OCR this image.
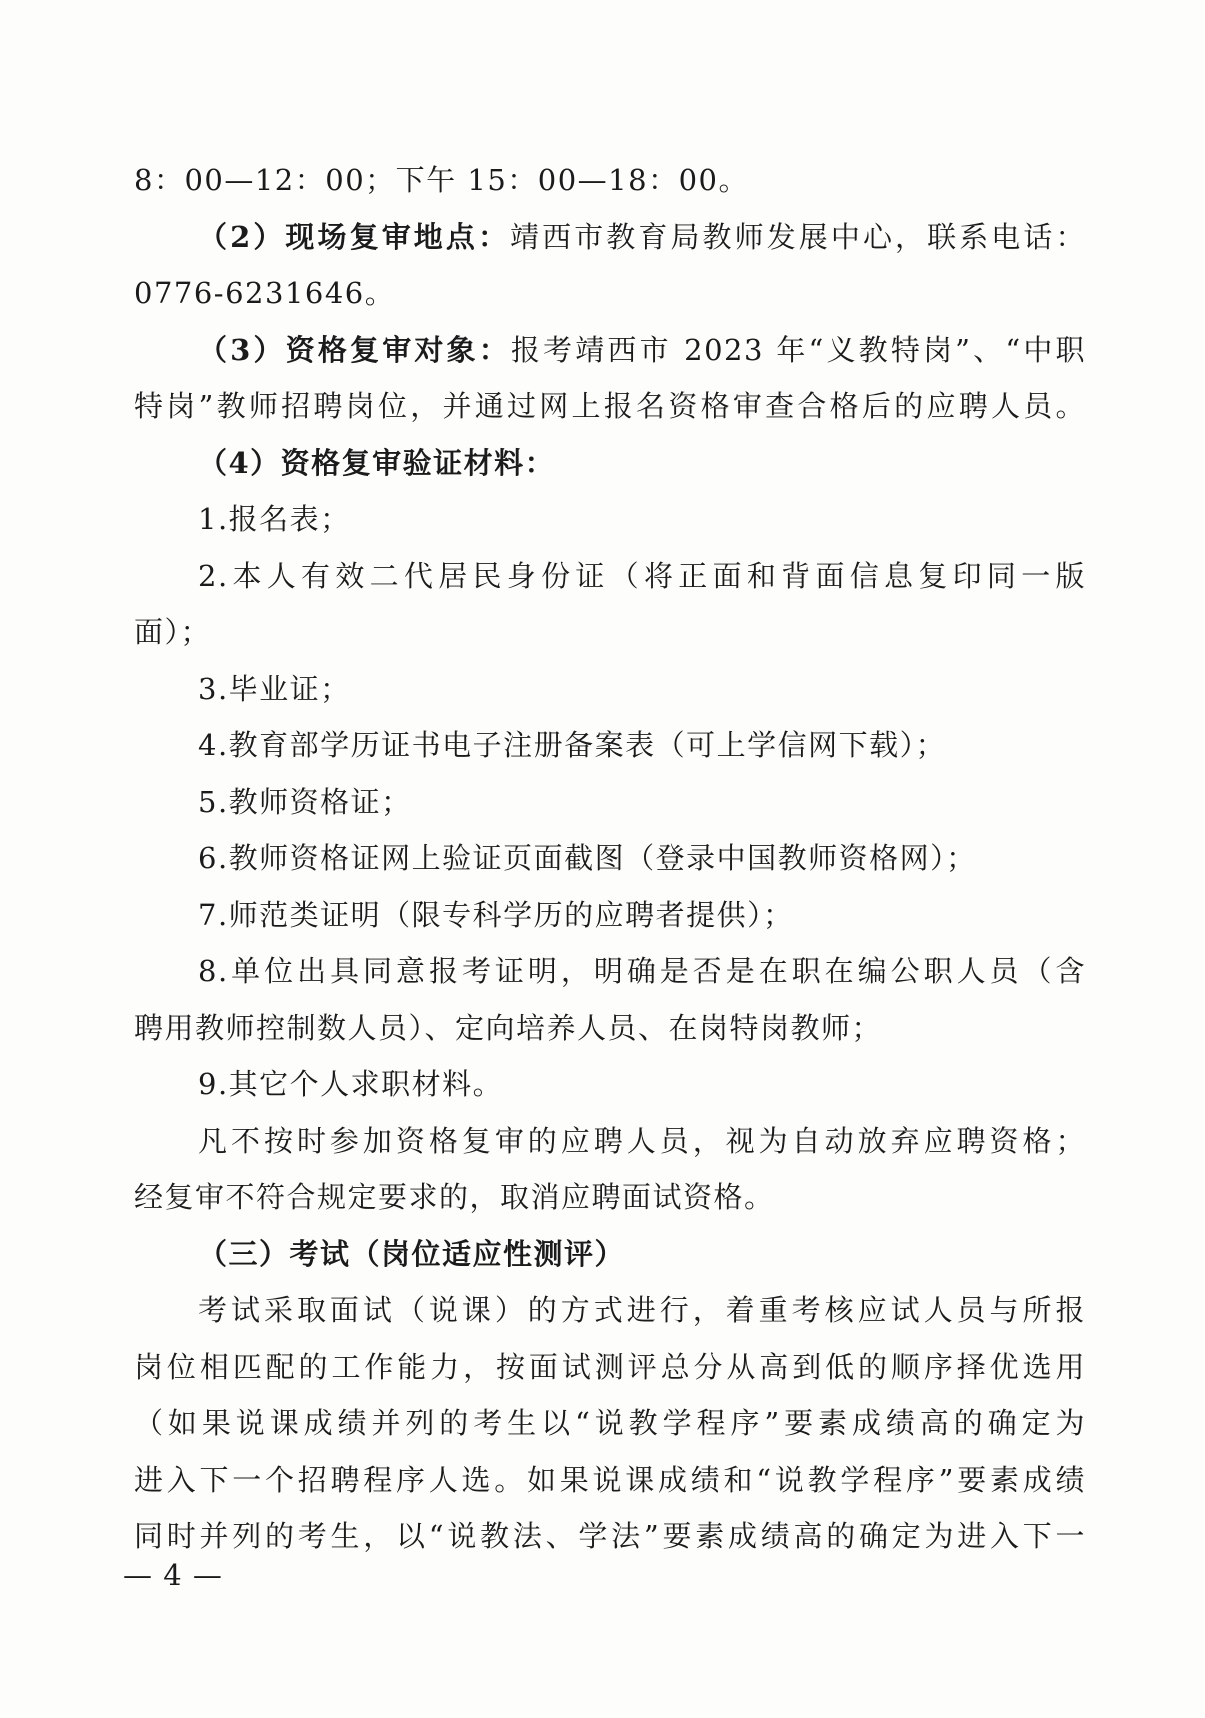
8：00—12：00；下午 15：00—18：00。
（2）现场复审地点：靖西市教育局教师发展中心，联系电话：
0776-6231646。
（3）资格复审对象：报考靖西市 2023 年“义教特岗”、“中职
特岗”教师招聘岗位，并通过网上报名资格审查合格后的应聘人员。
（4）资格复审验证材料：
1.报名表；
2.本人有效二代居民身份证（将正面和背面信息复印同一版
面）；
3.毕业证；
4.教育部学历证书电子注册备案表（可上学信网下载）；
5.教师资格证；
6.教师资格证网上验证页面截图（登录中国教师资格网）；
7.师范类证明（限专科学历的应聘者提供）；
8.单位出具同意报考证明，明确是否是在职在编公职人员（含
聘用教师控制数人员）、定向培养人员、在岗特岗教师；
9.其它个人求职材料。
凡不按时参加资格复审的应聘人员，视为自动放弃应聘资格；
经复审不符合规定要求的，取消应聘面试资格。
（三）考试（岗位适应性测评）
考试采取面试（说课）的方式进行，着重考核应试人员与所报
岗位相匹配的工作能力，按面试测评总分从高到低的顺序择优选用
（如果说课成绩并列的考生以“说教学程序”要素成绩高的确定为
进入下一个招聘程序人选。如果说课成绩和“说教学程序”要素成绩
同时并列的考生，以“说教法、学法”要素成绩高的确定为进入下一
— 4 —
